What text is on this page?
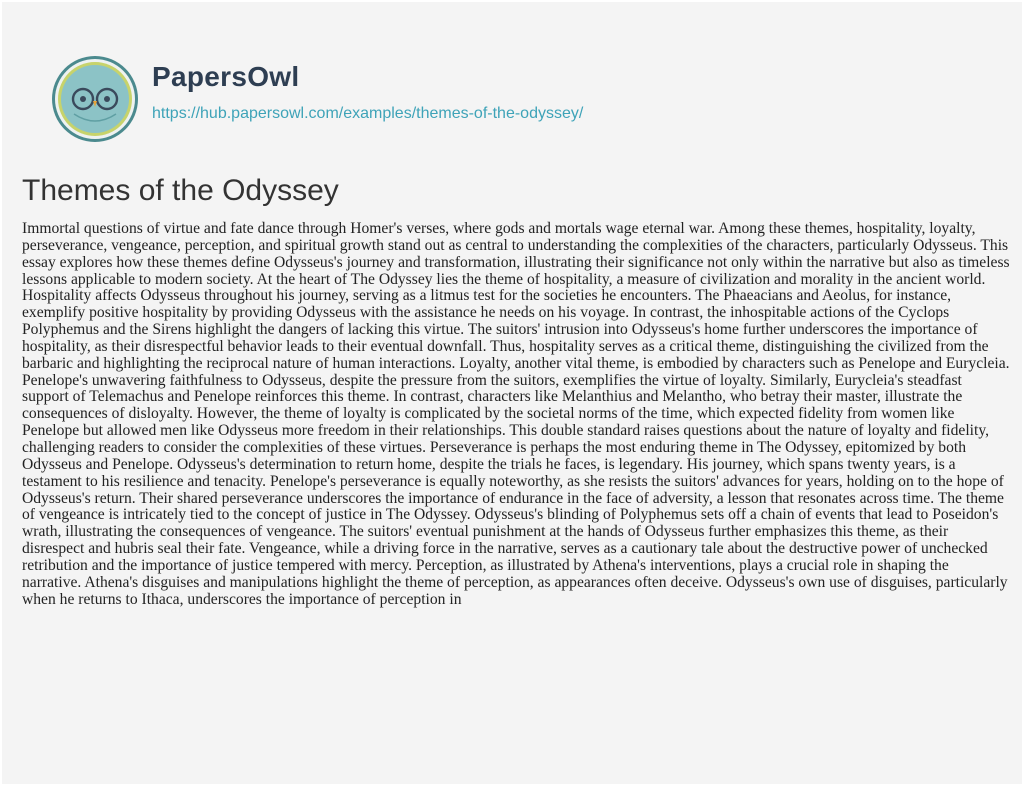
PapersOwl
https://hub.papersowl.com/examples/themes-of-the-odyssey/
Themes of the Odyssey

Immortal questions of virtue and fate dance through Homer's verses, where gods and mortals wage eternal war. Among these themes, hospitality, loyalty, perseverance, vengeance, perception, and spiritual growth stand out as central to understanding the complexities of the characters, particularly Odysseus. This essay explores how these themes define Odysseus's journey and transformation, illustrating their significance not only within the narrative but also as timeless lessons applicable to modern society. At the heart of The Odyssey lies the theme of hospitality, a measure of civilization and morality in the ancient world. Hospitality affects Odysseus throughout his journey, serving as a litmus test for the societies he encounters. The Phaeacians and Aeolus, for instance, exemplify positive hospitality by providing Odysseus with the assistance he needs on his voyage. In contrast, the inhospitable actions of the Cyclops Polyphemus and the Sirens highlight the dangers of lacking this virtue. The suitors' intrusion into Odysseus's home further underscores the importance of hospitality, as their disrespectful behavior leads to their eventual downfall. Thus, hospitality serves as a critical theme, distinguishing the civilized from the barbaric and highlighting the reciprocal nature of human interactions. Loyalty, another vital theme, is embodied by characters such as Penelope and Eurycleia. Penelope's unwavering faithfulness to Odysseus, despite the pressure from the suitors, exemplifies the virtue of loyalty. Similarly, Eurycleia's steadfast support of Telemachus and Penelope reinforces this theme. In contrast, characters like Melanthius and Melantho, who betray their master, illustrate the consequences of disloyalty. However, the theme of loyalty is complicated by the societal norms of the time, which expected fidelity from women like Penelope but allowed men like Odysseus more freedom in their relationships. This double standard raises questions about the nature of loyalty and fidelity, challenging readers to consider the complexities of these virtues. Perseverance is perhaps the most enduring theme in The Odyssey, epitomized by both Odysseus and Penelope. Odysseus's determination to return home, despite the trials he faces, is legendary. His journey, which spans twenty years, is a testament to his resilience and tenacity. Penelope's perseverance is equally noteworthy, as she resists the suitors' advances for years, holding on to the hope of Odysseus's return. Their shared perseverance underscores the importance of endurance in the face of adversity, a lesson that resonates across time. The theme of vengeance is intricately tied to the concept of justice in The Odyssey. Odysseus's blinding of Polyphemus sets off a chain of events that lead to Poseidon's wrath, illustrating the consequences of vengeance. The suitors' eventual punishment at the hands of Odysseus further emphasizes this theme, as their disrespect and hubris seal their fate. Vengeance, while a driving force in the narrative, serves as a cautionary tale about the destructive power of unchecked retribution and the importance of justice tempered with mercy. Perception, as illustrated by Athena's interventions, plays a crucial role in shaping the narrative. Athena's disguises and manipulations highlight the theme of perception, as appearances often deceive. Odysseus's own use of disguises, particularly when he returns to Ithaca, underscores the importance of perception in
